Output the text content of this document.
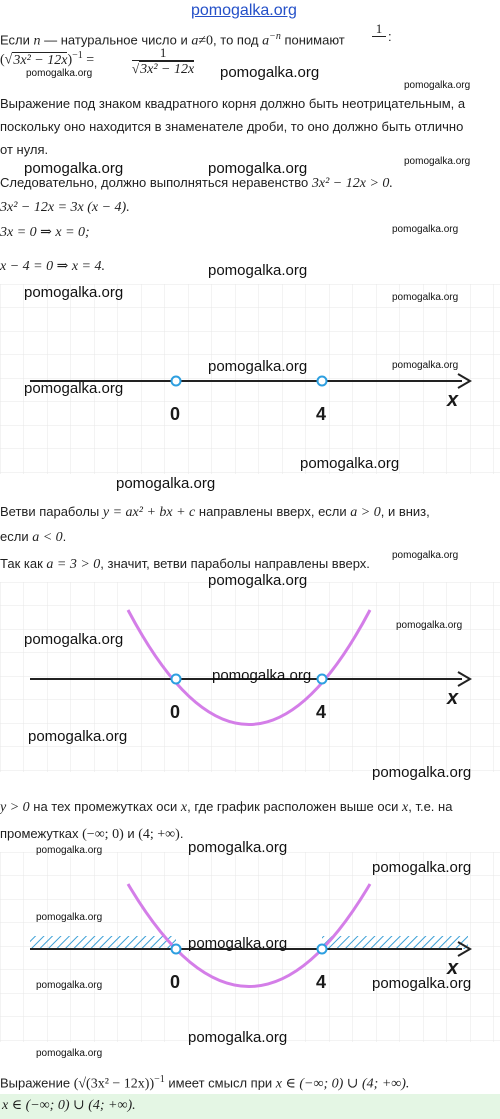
pomogalka.org
Если n — натуральное число и a≠0, то под $a^{-n}$ понимают
1
:
$(√3x^2 - 12x)^{-1}$ =	$\frac{1}{\text{√3x² − 12x}}$
Выражение под знаком квадратного корня должно быть неотрицательным, а
поскольку оно находится в знаменателе дроби, то оно должно быть отлично
от нуля.
Следовательно, должно выполняться неравенство 3x² − 12x > 0.
3x² − 12x = 3x (x − 4).
3x = 0 ⇒ x = 0;
x − 4 = 0 ⇒ x = 4.
0	4
x
Ветви параболы y = ax² + bx + c направлены вверх, если a > 0, и вниз,
если a < 0.
Так как a = 3 > 0, значит, ветви параболы направлены вверх.
0	4
x
y > 0 на тех промежутках оси x, где график расположен выше оси x, т.е. на
промежутках (−∞; 0) и (4; +∞).
0	4
x
Выражение $(√(3x^2 - 12x))^{-1}$ имеет смысл при x ∈ (−∞; 0) ∪ (4; +∞).
x ∈ (−∞; 0) ∪ (4; +∞).
pomogalka.org	pomogalka.org
pomogalka.org
pomogalka.org	pomogalka.org	pomogalka.org
pomogalka.org
pomogalka.org
pomogalka.org	pomogalka.org
pomogalka.org	pomogalka.org
pomogalka.org
pomogalka.org
pomogalka.org
pomogalka.org
pomogalka.org
pomogalka.org
pomogalka.org
pomogalka.org
pomogalka.org
pomogalka.org
pomogalka.org	pomogalka.org
pomogalka.org
pomogalka.org
pomogalka.org
pomogalka.org	pomogalka.org
pomogalka.org
pomogalka.org
